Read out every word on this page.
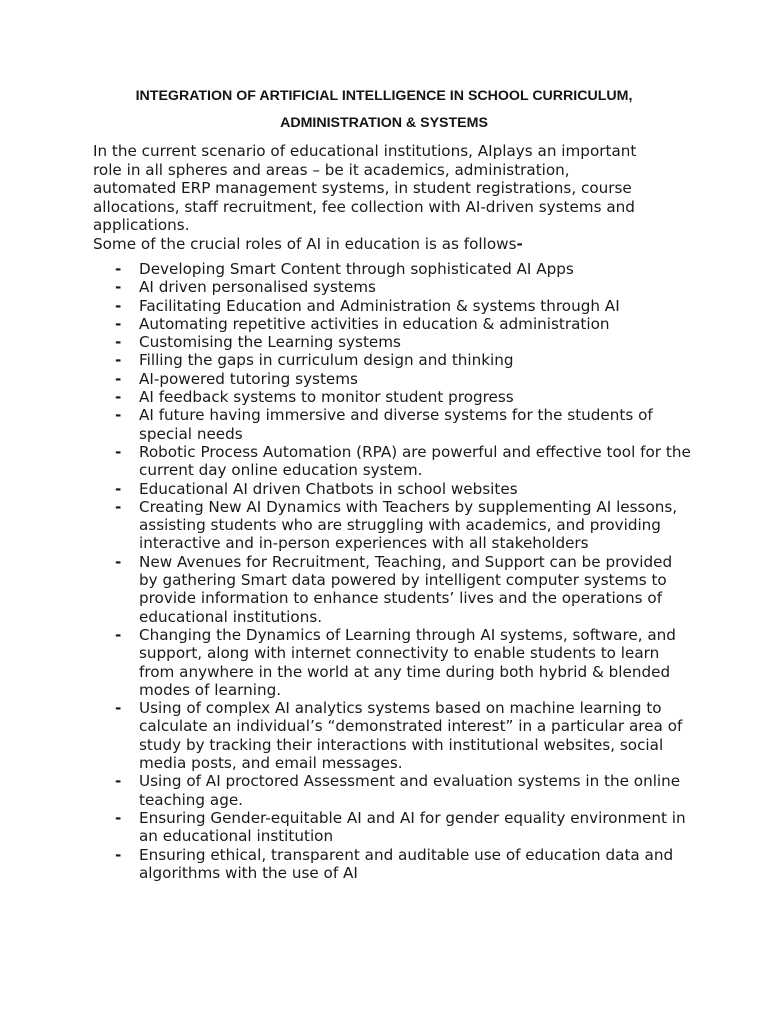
INTEGRATION OF ARTIFICIAL INTELLIGENCE IN SCHOOL CURRICULUM,
ADMINISTRATION & SYSTEMS

In the current scenario of educational institutions, AIplays an important role in all spheres and areas – be it academics, administration, automated ERP management systems, in student registrations, course allocations, staff recruitment, fee collection with AI-driven systems and applications.

Some of the crucial roles of AI in education is as follows-

- Developing Smart Content through sophisticated AI Apps
- AI driven personalised systems
- Facilitating Education and Administration & systems through AI
- Automating repetitive activities in education & administration
- Customising the Learning systems
- Filling the gaps in curriculum design and thinking
- AI-powered tutoring systems
- AI feedback systems to monitor student progress
- AI future having immersive and diverse systems for the students of special needs
- Robotic Process Automation (RPA) are powerful and effective tool for the current day online education system.
- Educational AI driven Chatbots in school websites
- Creating New AI Dynamics with Teachers by supplementing AI lessons, assisting students who are struggling with academics, and providing interactive and in-person experiences with all stakeholders
- New Avenues for Recruitment, Teaching, and Support can be provided by gathering Smart data powered by intelligent computer systems to provide information to enhance students’ lives and the operations of educational institutions.
- Changing the Dynamics of Learning through AI systems, software, and support, along with internet connectivity to enable students to learn from anywhere in the world at any time during both hybrid & blended modes of learning.
- Using of complex AI analytics systems based on machine learning to calculate an individual’s “demonstrated interest” in a particular area of study by tracking their interactions with institutional websites, social media posts, and email messages.
- Using of AI proctored Assessment and evaluation systems in the online teaching age.
- Ensuring Gender-equitable AI and AI for gender equality environment in an educational institution
- Ensuring ethical, transparent and auditable use of education data and algorithms with the use of AI
